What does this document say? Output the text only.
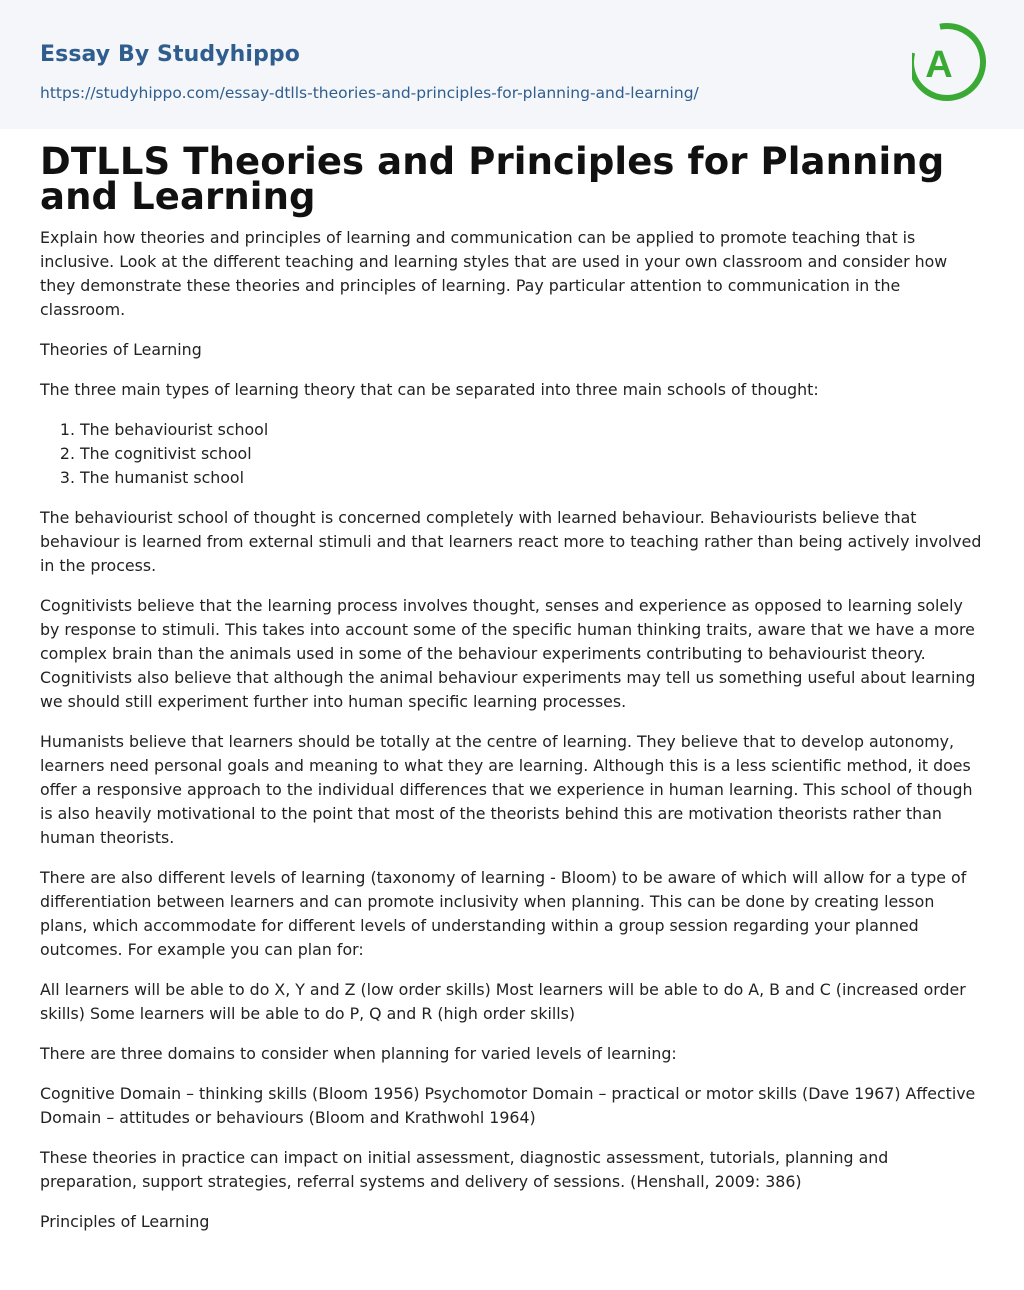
Essay By Studyhippo
https://studyhippo.com/essay-dtlls-theories-and-principles-for-planning-and-learning/
A
DTLLS Theories and Principles for Planning and Learning

Explain how theories and principles of learning and communication can be applied to promote teaching that is inclusive. Look at the different teaching and learning styles that are used in your own classroom and consider how they demonstrate these theories and principles of learning. Pay particular attention to communication in the classroom.

Theories of Learning

The three main types of learning theory that can be separated into three main schools of thought:

1. The behaviourist school
2. The cognitivist school
3. The humanist school

The behaviourist school of thought is concerned completely with learned behaviour. Behaviourists believe that behaviour is learned from external stimuli and that learners react more to teaching rather than being actively involved in the process.

Cognitivists believe that the learning process involves thought, senses and experience as opposed to learning solely by response to stimuli. This takes into account some of the specific human thinking traits, aware that we have a more complex brain than the animals used in some of the behaviour experiments contributing to behaviourist theory. Cognitivists also believe that although the animal behaviour experiments may tell us something useful about learning we should still experiment further into human specific learning processes.

Humanists believe that learners should be totally at the centre of learning. They believe that to develop autonomy, learners need personal goals and meaning to what they are learning. Although this is a less scientific method, it does offer a responsive approach to the individual differences that we experience in human learning. This school of though is also heavily motivational to the point that most of the theorists behind this are motivation theorists rather than human theorists.

There are also different levels of learning (taxonomy of learning - Bloom) to be aware of which will allow for a type of differentiation between learners and can promote inclusivity when planning. This can be done by creating lesson plans, which accommodate for different levels of understanding within a group session regarding your planned outcomes. For example you can plan for:

All learners will be able to do X, Y and Z (low order skills) Most learners will be able to do A, B and C (increased order skills) Some learners will be able to do P, Q and R (high order skills)

There are three domains to consider when planning for varied levels of learning:

Cognitive Domain – thinking skills (Bloom 1956) Psychomotor Domain – practical or motor skills (Dave 1967) Affective Domain – attitudes or behaviours (Bloom and Krathwohl 1964)

These theories in practice can impact on initial assessment, diagnostic assessment, tutorials, planning and preparation, support strategies, referral systems and delivery of sessions. (Henshall, 2009: 386)

Principles of Learning
